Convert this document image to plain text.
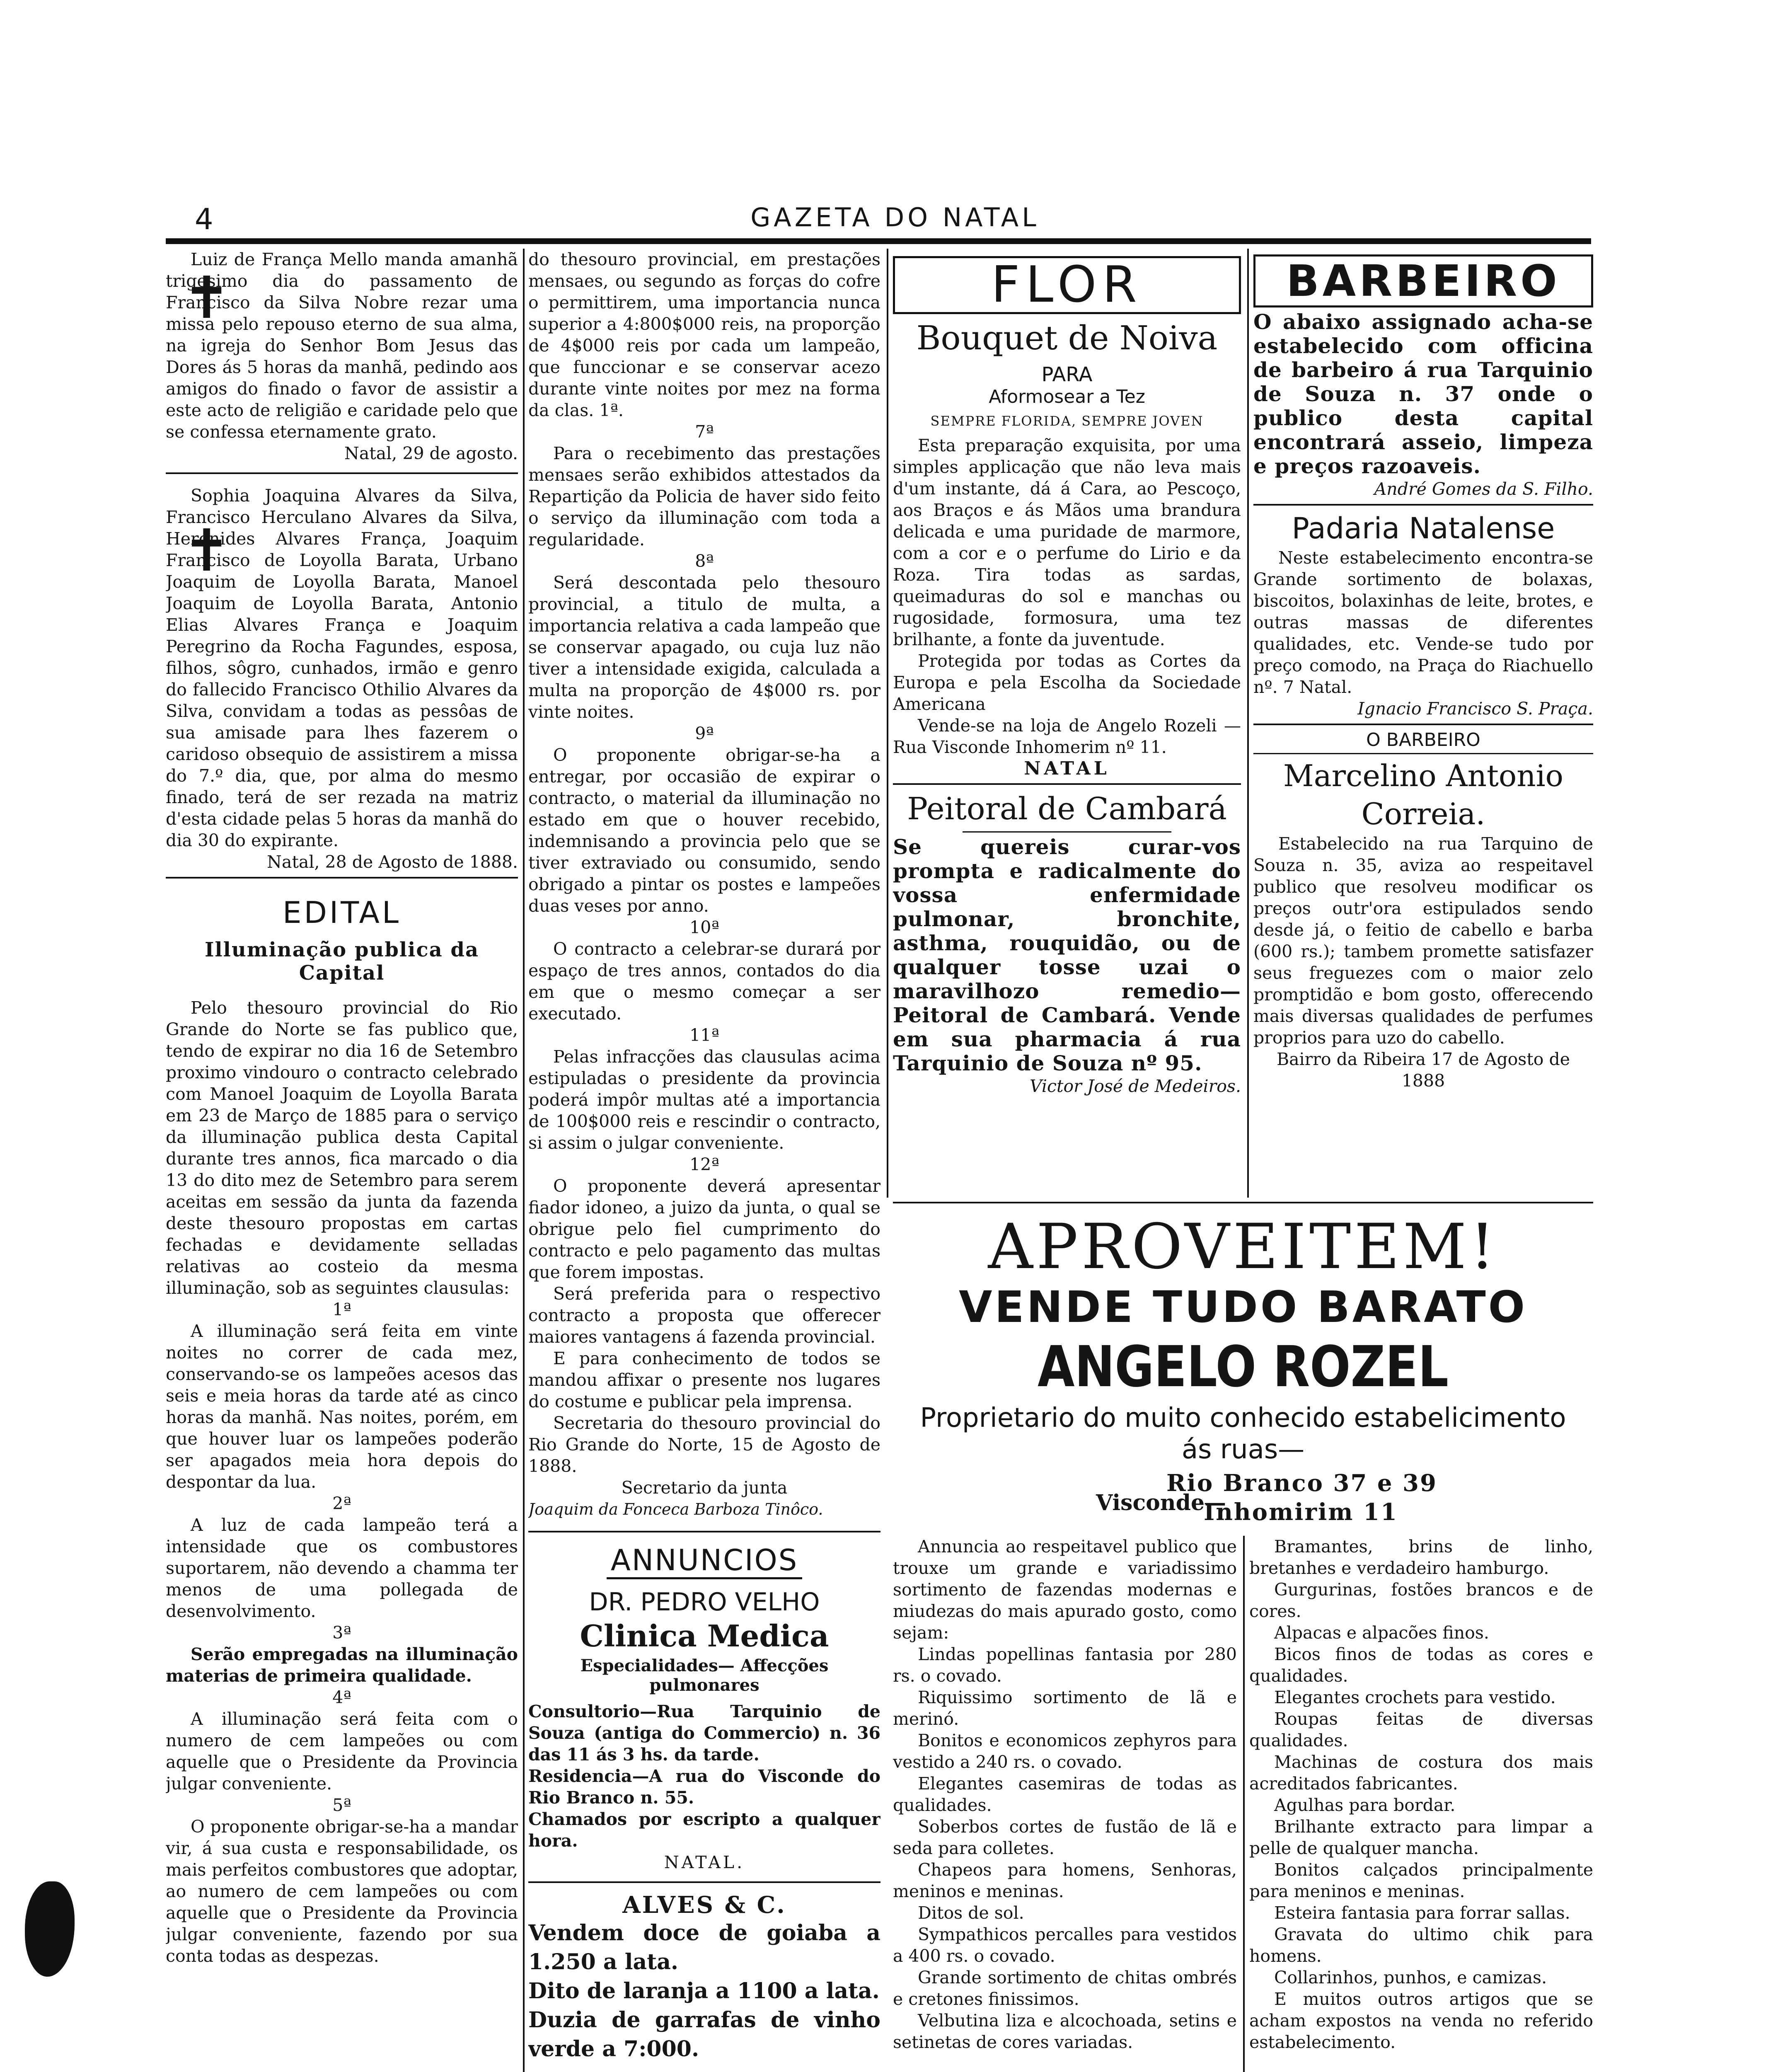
4	GAZETA DO NATAL
✝

Luiz de França Mello manda amanhã trigesimo dia do passamento de Francisco da Silva Nobre rezar uma missa pelo repouso eterno de sua alma, na igreja do Senhor Bom Jesus das Dores ás 5 horas da manhã, pedindo aos amigos do finado o favor de assistir a este acto de religião e caridade pelo que se confessa eternamente grato.

Natal, 29 de agosto.

✝

Sophia Joaquina Alvares da Silva, Francisco Herculano Alvares da Silva, Heronides Alvares França, Joaquim Francisco de Loyolla Barata, Urbano Joaquim de Loyolla Barata, Manoel Joaquim de Loyolla Barata, Antonio Elias Alvares França e Joaquim Peregrino da Rocha Fagundes, esposa, filhos, sôgro, cunhados, irmão e genro do fallecido Francisco Othilio Alvares da Silva, convidam a todas as pessôas de sua amisade para lhes fazerem o caridoso obsequio de assistirem a missa do 7.º dia, que, por alma do mesmo finado, terá de ser rezada na matriz d'esta cidade pelas 5 horas da manhã do dia 30 do expirante.

Natal, 28 de Agosto de 1888.

EDITAL
Illuminação publica da Capital

Pelo thesouro provincial do Rio Grande do Norte se fas publico que, tendo de expirar no dia 16 de Setembro proximo vindouro o contracto celebrado com Manoel Joaquim de Loyolla Barata em 23 de Março de 1885 para o serviço da illuminação publica desta Capital durante tres annos, fica marcado o dia 13 do dito mez de Setembro para serem aceitas em sessão da junta da fazenda deste thesouro propostas em cartas fechadas e devidamente selladas relativas ao costeio da mesma illuminação, sob as seguintes clausulas:

1ª

A illuminação será feita em vinte noites no correr de cada mez, conservando-se os lampeões acesos das seis e meia horas da tarde até as cinco horas da manhã. Nas noites, porém, em que houver luar os lampeões poderão ser apagados meia hora depois do despontar da lua.

2ª

A luz de cada lampeão terá a intensidade que os combustores suportarem, não devendo a chamma ter menos de uma pollegada de desenvolvimento.

3ª

Serão empregadas na illuminação materias de primeira qualidade.

4ª

A illuminação será feita com o numero de cem lampeões ou com aquelle que o Presidente da Provincia julgar conveniente.

5ª

O proponente obrigar-se-ha a mandar vir, á sua custa e responsabilidade, os mais perfeitos combustores que adoptar, ao numero de cem lampeões ou com aquelle que o Presidente da Provincia julgar conveniente, fazendo por sua conta todas as despezas.

do thesouro provincial, em prestações mensaes, ou segundo as forças do cofre o permittirem, uma importancia nunca superior a 4:800$000 reis, na proporção de 4$000 reis por cada um lampeão, que funccionar e se conservar acezo durante vinte noites por mez na forma da clas. 1ª.

7ª

Para o recebimento das prestações mensaes serão exhibidos attestados da Repartição da Policia de haver sido feito o serviço da illuminação com toda a regularidade.

8ª

Será descontada pelo thesouro provincial, a titulo de multa, a importancia relativa a cada lampeão que se conservar apagado, ou cuja luz não tiver a intensidade exigida, calculada a multa na proporção de 4$000 rs. por vinte noites.

9ª

O proponente obrigar-se-ha a entregar, por occasião de expirar o contracto, o material da illuminação no estado em que o houver recebido, indemnisando a provincia pelo que se tiver extraviado ou consumido, sendo obrigado a pintar os postes e lampeões duas veses por anno.

10ª

O contracto a celebrar-se durará por espaço de tres annos, contados do dia em que o mesmo começar a ser executado.

11ª

Pelas infracções das clausulas acima estipuladas o presidente da provincia poderá impôr multas até a importancia de 100$000 reis e rescindir o contracto, si assim o julgar conveniente.

12ª

O proponente deverá apresentar fiador idoneo, a juizo da junta, o qual se obrigue pelo fiel cumprimento do contracto e pelo pagamento das multas que forem impostas.

Será preferida para o respectivo contracto a proposta que offerecer maiores vantagens á fazenda provincial.

E para conhecimento de todos se mandou affixar o presente nos lugares do costume e publicar pela imprensa.

Secretaria do thesouro provincial do Rio Grande do Norte, 15 de Agosto de 1888.

Secretario da junta

Joaquim da Fonceca Barboza Tinôco.

ANNUNCIOS
DR. PEDRO VELHO
Clinica Medica
Especialidades— Affecções pulmonares

Consultorio—Rua Tarquinio de Souza (antiga do Commercio) n. 36 das 11 ás 3 hs. da tarde.

Residencia—A rua do Visconde do Rio Branco n. 55.

Chamados por escripto a qualquer hora.

NATAL.

ALVES & C.

Vendem doce de goiaba a 1.250 a lata.

Dito de laranja a 1100 a lata.

Duzia de garrafas de vinho verde a 7:000.

FLOR
Bouquet de Noiva
PARA
Aformosear a Tez
SEMPRE FLORIDA, SEMPRE JOVEN

Esta preparação exquisita, por uma simples applicação que não leva mais d'um instante, dá á Cara, ao Pescoço, aos Braços e ás Mãos uma brandura delicada e uma puridade de marmore, com a cor e o perfume do Lirio e da Roza. Tira todas as sardas, queimaduras do sol e manchas ou rugosidade, formosura, uma tez brilhante, a fonte da juventude.

Protegida por todas as Cortes da Europa e pela Escolha da Sociedade Americana

Vende-se na loja de Angelo Rozeli —Rua Visconde Inhomerim nº 11.

NATAL
Peitoral de Cambará

Se quereis curar-vos prompta e radicalmente do vossa enfermidade pulmonar, bronchite, asthma, rouquidão, ou de qualquer tosse uzai o maravilhozo remedio— Peitoral de Cambará. Vende em sua pharmacia á rua Tarquinio de Souza nº 95.

Victor José de Medeiros.

BARBEIRO

O abaixo assignado acha-se estabelecido com officina de barbeiro á rua Tarquinio de Souza n. 37 onde o publico desta capital encontrará asseio, limpeza e preços razoaveis.

André Gomes da S. Filho.

Padaria Natalense

Neste estabelecimento encontra-se Grande sortimento de bolaxas, biscoitos, bolaxinhas de leite, brotes, e outras massas de diferentes qualidades, etc. Vende-se tudo por preço comodo, na Praça do Riachuello nº. 7 Natal.

Ignacio Francisco S. Praça.

O BARBEIRO
Marcelino Antonio Correia.

Estabelecido na rua Tarquino de Souza n. 35, aviza ao respeitavel publico que resolveu modificar os preços outr'ora estipulados sendo desde já, o feitio de cabello e barba (600 rs.); tambem promette satisfazer seus freguezes com o maior zelo promptidão e bom gosto, offerecendo mais diversas qualidades de perfumes proprios para uzo do cabello.

Bairro da Ribeira 17 de Agosto de 1888

APROVEITEM!
VENDE TUDO BARATO
ANGELO ROZEL
Proprietario do muito conhecido estabelicimento ás ruas—
Visconde—
Rio Branco 37 e 39
Inhomirim 11

Annuncia ao respeitavel publico que trouxe um grande e variadissimo sortimento de fazendas modernas e miudezas do mais apurado gosto, como sejam:

Lindas popellinas fantasia por 280 rs. o covado.

Riquissimo sortimento de lã e merinó.

Bonitos e economicos zephyros para vestido a 240 rs. o covado.

Elegantes casemiras de todas as qualidades.

Soberbos cortes de fustão de lã e seda para colletes.

Chapeos para homens, Senhoras, meninos e meninas.

Ditos de sol.

Sympathicos percalles para vestidos a 400 rs. o covado.

Grande sortimento de chitas ombrés e cretones finissimos.

Velbutina liza e alcochoada, setins e setinetas de cores variadas.

Bramantes, brins de linho, bretanhes e verdadeiro hamburgo.

Gurgurinas, fostões brancos e de cores.

Alpacas e alpacões finos.

Bicos finos de todas as cores e qualidades.

Elegantes crochets para vestido.

Roupas feitas de diversas qualidades.

Machinas de costura dos mais acreditados fabricantes.

Agulhas para bordar.

Brilhante extracto para limpar a pelle de qualquer mancha.

Bonitos calçados principalmente para meninos e meninas.

Esteira fantasia para forrar sallas.

Gravata do ultimo chik para homens.

Collarinhos, punhos, e camizas.

E muitos outros artigos que se acham expostos na venda no referido estabelecimento.
